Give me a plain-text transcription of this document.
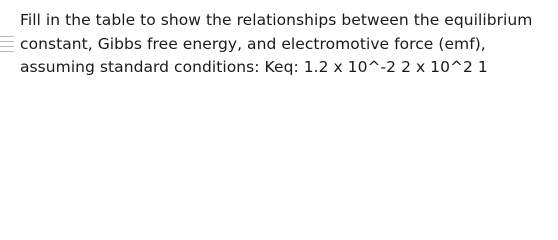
Fill in the table to show the relationships between the equilibrium constant, Gibbs free energy, and electromotive force (emf), assuming standard conditions: Keq: 1.2 x 10^-2 2 x 10^2 1
